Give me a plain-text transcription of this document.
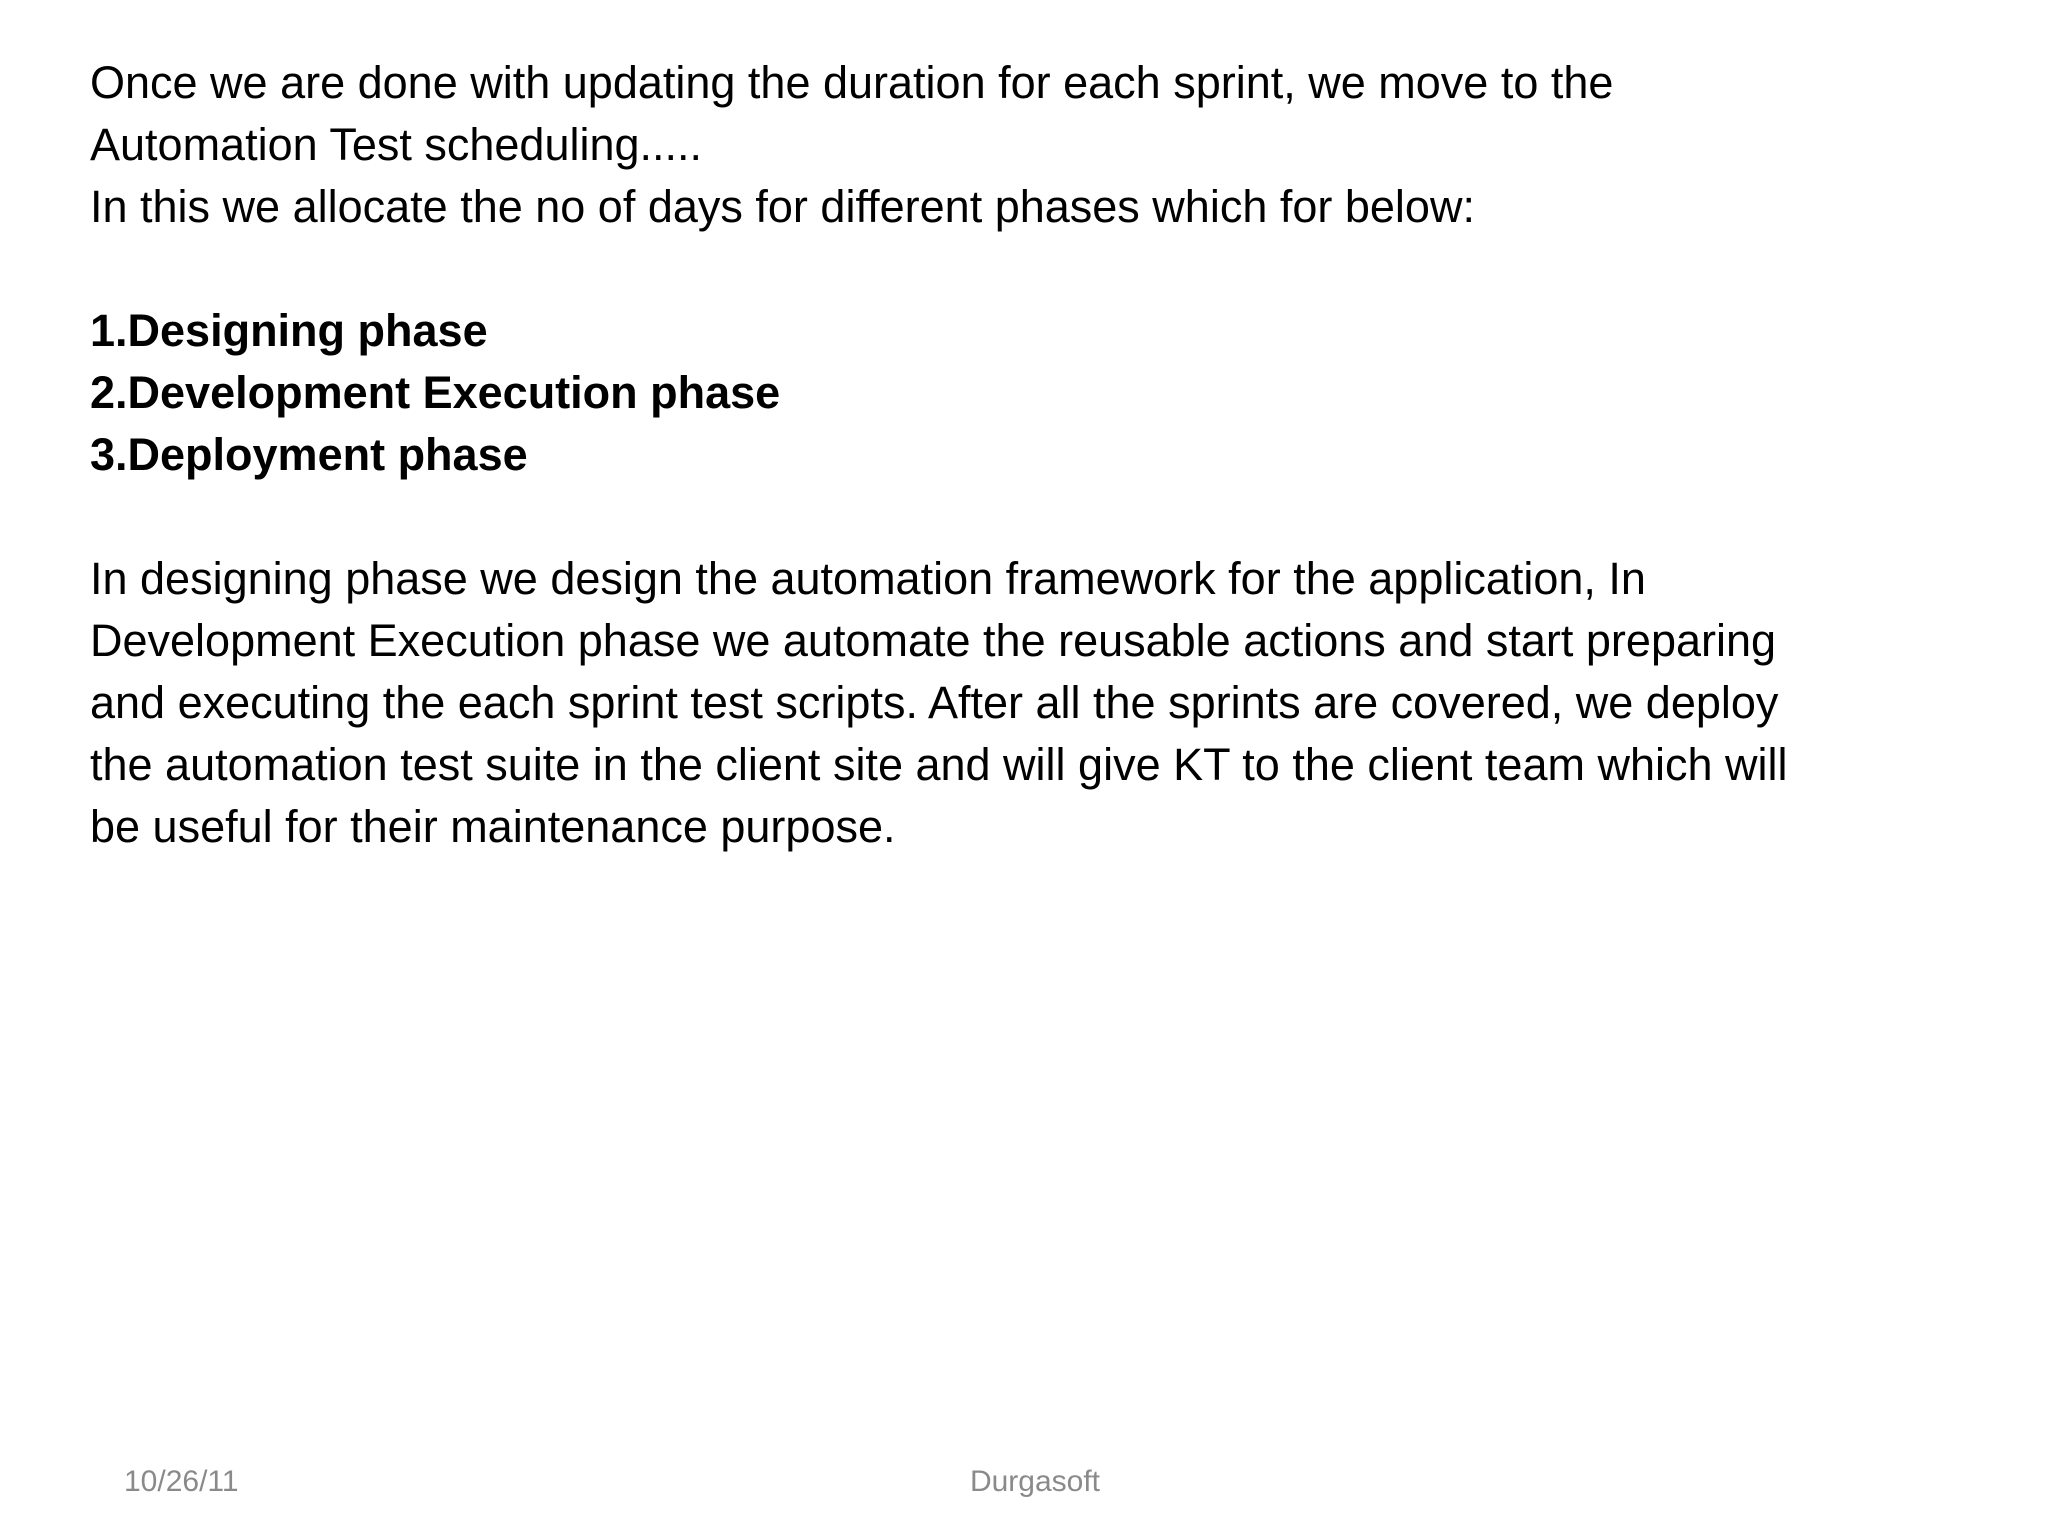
Once we are done with updating the duration for each sprint, we move to the

Automation Test scheduling.....

In this we allocate the no of days for different phases which for below:

1.Designing phase
2.Development Execution phase
3.Deployment phase

In designing phase we design the automation framework for the application, In

Development Execution phase we automate the reusable actions and start preparing

and executing the each sprint test scripts. After all the sprints are covered, we deploy

the automation test suite in the client site and will give KT to the client team which will

be useful for their maintenance purpose.

10/26/11	Durgasoft
